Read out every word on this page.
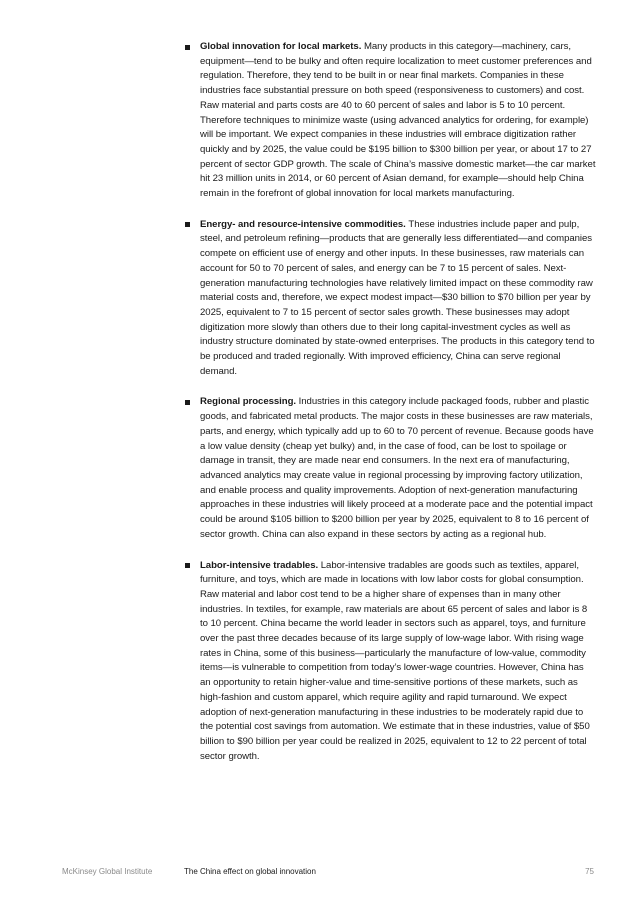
Global innovation for local markets. Many products in this category—machinery, cars, equipment—tend to be bulky and often require localization to meet customer preferences and regulation. Therefore, they tend to be built in or near final markets. Companies in these industries face substantial pressure on both speed (responsiveness to customers) and cost. Raw material and parts costs are 40 to 60 percent of sales and labor is 5 to 10 percent. Therefore techniques to minimize waste (using advanced analytics for ordering, for example) will be important. We expect companies in these industries will embrace digitization rather quickly and by 2025, the value could be $195 billion to $300 billion per year, or about 17 to 27 percent of sector GDP growth. The scale of China’s massive domestic market—the car market hit 23 million units in 2014, or 60 percent of Asian demand, for example—should help China remain in the forefront of global innovation for local markets manufacturing.
Energy- and resource-intensive commodities. These industries include paper and pulp, steel, and petroleum refining—products that are generally less differentiated—and companies compete on efficient use of energy and other inputs. In these businesses, raw materials can account for 50 to 70 percent of sales, and energy can be 7 to 15 percent of sales. Next-generation manufacturing technologies have relatively limited impact on these commodity raw material costs and, therefore, we expect modest impact—$30 billion to $70 billion per year by 2025, equivalent to 7 to 15 percent of sector sales growth. These businesses may adopt digitization more slowly than others due to their long capital-investment cycles as well as industry structure dominated by state-owned enterprises. The products in this category tend to be produced and traded regionally. With improved efficiency, China can serve regional demand.
Regional processing. Industries in this category include packaged foods, rubber and plastic goods, and fabricated metal products. The major costs in these businesses are raw materials, parts, and energy, which typically add up to 60 to 70 percent of revenue. Because goods have a low value density (cheap yet bulky) and, in the case of food, can be lost to spoilage or damage in transit, they are made near end consumers. In the next era of manufacturing, advanced analytics may create value in regional processing by improving factory utilization, and enable process and quality improvements. Adoption of next-generation manufacturing approaches in these industries will likely proceed at a moderate pace and the potential impact could be around $105 billion to $200 billion per year by 2025, equivalent to 8 to 16 percent of sector growth. China can also expand in these sectors by acting as a regional hub.
Labor-intensive tradables. Labor-intensive tradables are goods such as textiles, apparel, furniture, and toys, which are made in locations with low labor costs for global consumption. Raw material and labor cost tend to be a higher share of expenses than in many other industries. In textiles, for example, raw materials are about 65 percent of sales and labor is 8 to 10 percent. China became the world leader in sectors such as apparel, toys, and furniture over the past three decades because of its large supply of low-wage labor. With rising wage rates in China, some of this business—particularly the manufacture of low-value, commodity items—is vulnerable to competition from today’s lower-wage countries. However, China has an opportunity to retain higher-value and time-sensitive portions of these markets, such as high-fashion and custom apparel, which require agility and rapid turnaround. We expect adoption of next-generation manufacturing in these industries to be moderately rapid due to the potential cost savings from automation. We estimate that in these industries, value of $50 billion to $90 billion per year could be realized in 2025, equivalent to 12 to 22 percent of total sector growth.
McKinsey Global Institute	The China effect on global innovation	75
